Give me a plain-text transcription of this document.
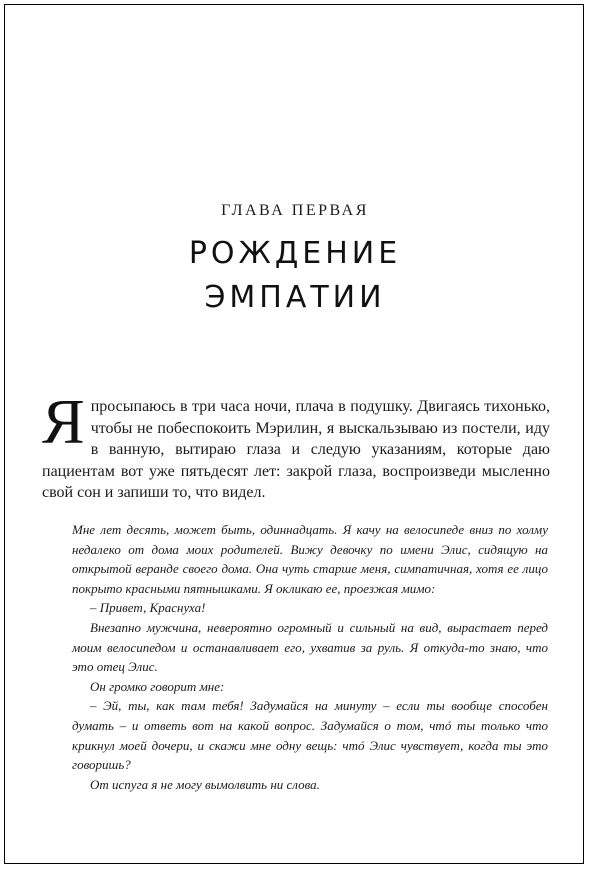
ГЛАВА ПЕРВАЯ
РОЖДЕНИЕ
ЭМПАТИИ
Я просыпаюсь в три часа ночи, плача в подушку. Двигаясь тихонько, чтобы не побеспокоить Мэрилин, я выскальзываю из постели, иду в ванную, вытираю глаза и следую указаниям, которые даю пациентам вот уже пятьдесят лет: закрой глаза, воспроизведи мысленно свой сон и запиши то, что видел.

Мне лет десять, может быть, одиннадцать. Я качу на велосипеде вниз по холму недалеко от дома моих родителей. Вижу девочку по имени Элис, сидящую на открытой веранде своего дома. Она чуть старше меня, симпатичная, хотя ее лицо покрыто красными пятнышками. Я окликаю ее, проезжая мимо:

– Привет, Краснуха!

Внезапно мужчина, невероятно огромный и сильный на вид, вырастает перед моим велосипедом и останавливает его, ухватив за руль. Я откуда-то знаю, что это отец Элис.

Он громко говорит мне:

– Эй, ты, как там тебя! Задумайся на минуту – если ты вообще способен думать – и ответь вот на какой вопрос. Задумайся о том, чтó ты только что крикнул моей дочери, и скажи мне одну вещь: чтó Элис чувствует, когда ты это говоришь?

От испуга я не могу вымолвить ни слова.
